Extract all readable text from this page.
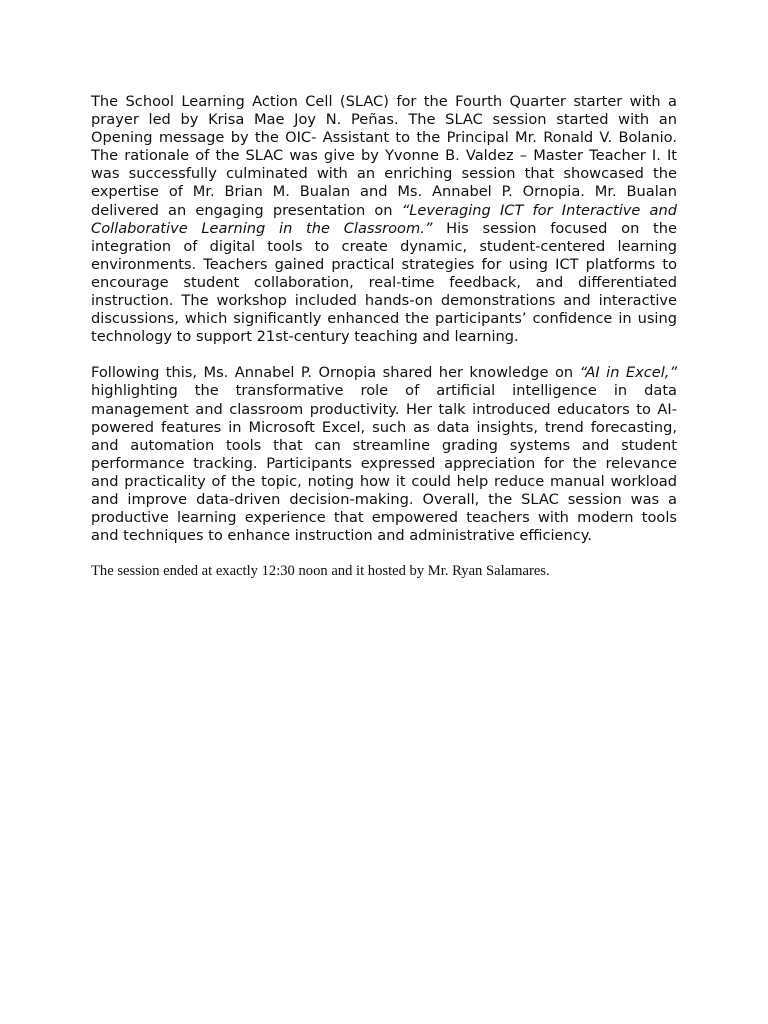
The School Learning Action Cell (SLAC) for the Fourth Quarter starter with a prayer led by Krisa Mae Joy N. Peñas. The SLAC session started with an Opening message by the OIC- Assistant to the Principal Mr. Ronald V. Bolanio. The rationale of the SLAC was give by Yvonne B. Valdez – Master Teacher I. It was successfully culminated with an enriching session that showcased the expertise of Mr. Brian M. Bualan and Ms. Annabel P. Ornopia. Mr. Bualan delivered an engaging presentation on “Leveraging ICT for Interactive and Collaborative Learning in the Classroom.” His session focused on the integration of digital tools to create dynamic, student-centered learning environments. Teachers gained practical strategies for using ICT platforms to encourage student collaboration, real-time feedback, and differentiated instruction. The workshop included hands-on demonstrations and interactive discussions, which significantly enhanced the participants’ confidence in using technology to support 21st-century teaching and learning.

Following this, Ms. Annabel P. Ornopia shared her knowledge on “AI in Excel,” highlighting the transformative role of artificial intelligence in data management and classroom productivity. Her talk introduced educators to AI-powered features in Microsoft Excel, such as data insights, trend forecasting, and automation tools that can streamline grading systems and student performance tracking. Participants expressed appreciation for the relevance and practicality of the topic, noting how it could help reduce manual workload and improve data-driven decision-making. Overall, the SLAC session was a productive learning experience that empowered teachers with modern tools and techniques to enhance instruction and administrative efficiency.

The session ended at exactly 12:30 noon and it hosted by Mr. Ryan Salamares.
